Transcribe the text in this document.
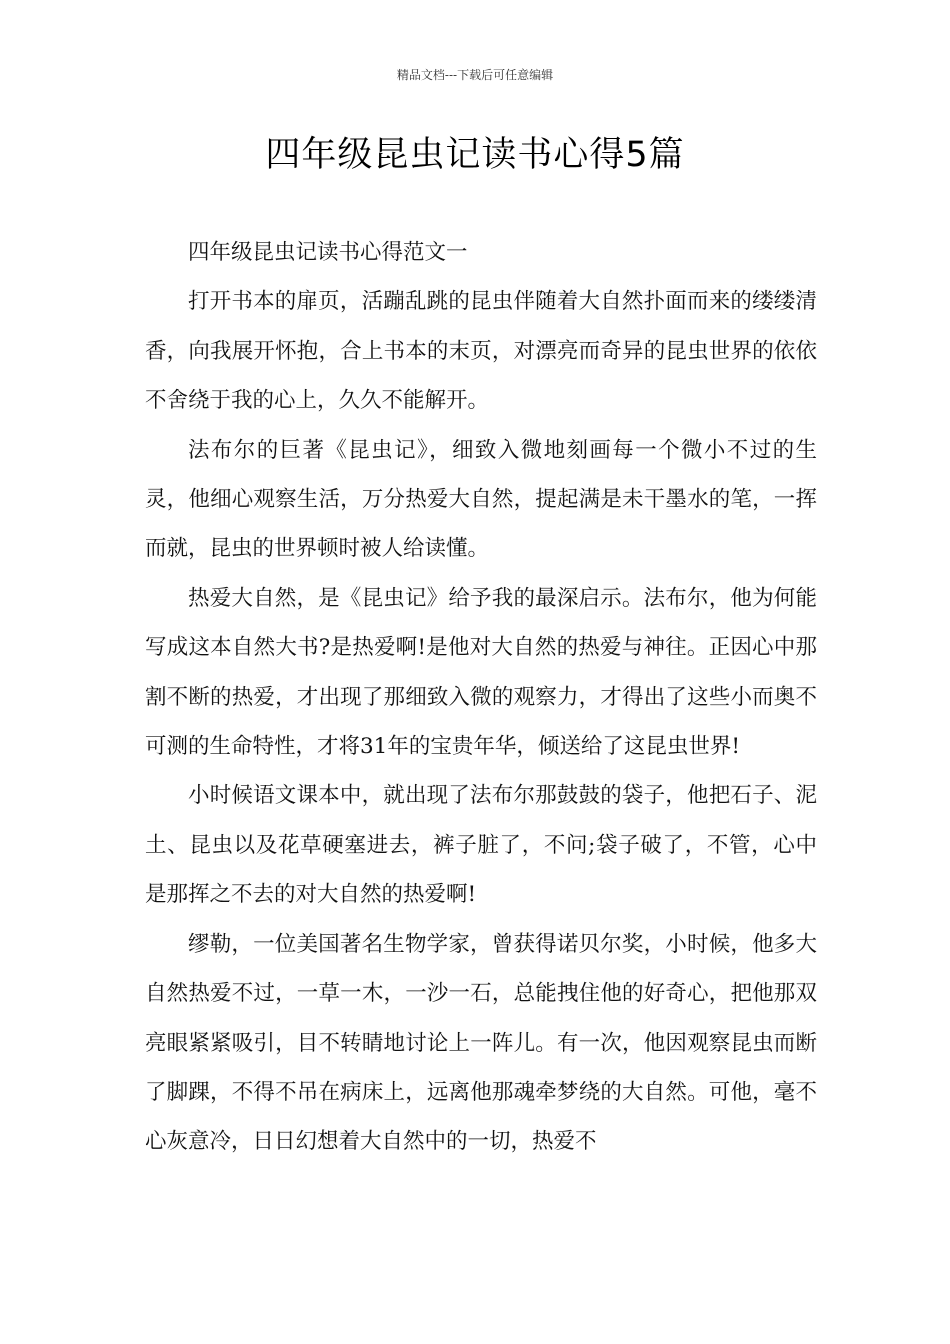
精品文档---下载后可任意编辑
四年级昆虫记读书心得5篇

四年级昆虫记读书心得范文一

打开书本的扉页，活蹦乱跳的昆虫伴随着大自然扑面而来的缕缕清香，向我展开怀抱，合上书本的末页，对漂亮而奇异的昆虫世界的依依不舍绕于我的心上，久久不能解开。

法布尔的巨著《昆虫记》，细致入微地刻画每一个微小不过的生灵，他细心观察生活，万分热爱大自然，提起满是未干墨水的笔，一挥而就，昆虫的世界顿时被人给读懂。

热爱大自然，是《昆虫记》给予我的最深启示。法布尔，他为何能写成这本自然大书?是热爱啊!是他对大自然的热爱与神往。正因心中那割不断的热爱，才出现了那细致入微的观察力，才得出了这些小而奥不可测的生命特性，才将31年的宝贵年华，倾送给了这昆虫世界!

小时候语文课本中，就出现了法布尔那鼓鼓的袋子，他把石子、泥土、昆虫以及花草硬塞进去，裤子脏了，不问;袋子破了，不管，心中是那挥之不去的对大自然的热爱啊!

缪勒，一位美国著名生物学家，曾获得诺贝尔奖，小时候，他多大自然热爱不过，一草一木，一沙一石，总能拽住他的好奇心，把他那双亮眼紧紧吸引，目不转睛地讨论上一阵儿。有一次，他因观察昆虫而断了脚踝，不得不吊在病床上，远离他那魂牵梦绕的大自然。可他，毫不心灰意冷，日日幻想着大自然中的一切，热爱不
